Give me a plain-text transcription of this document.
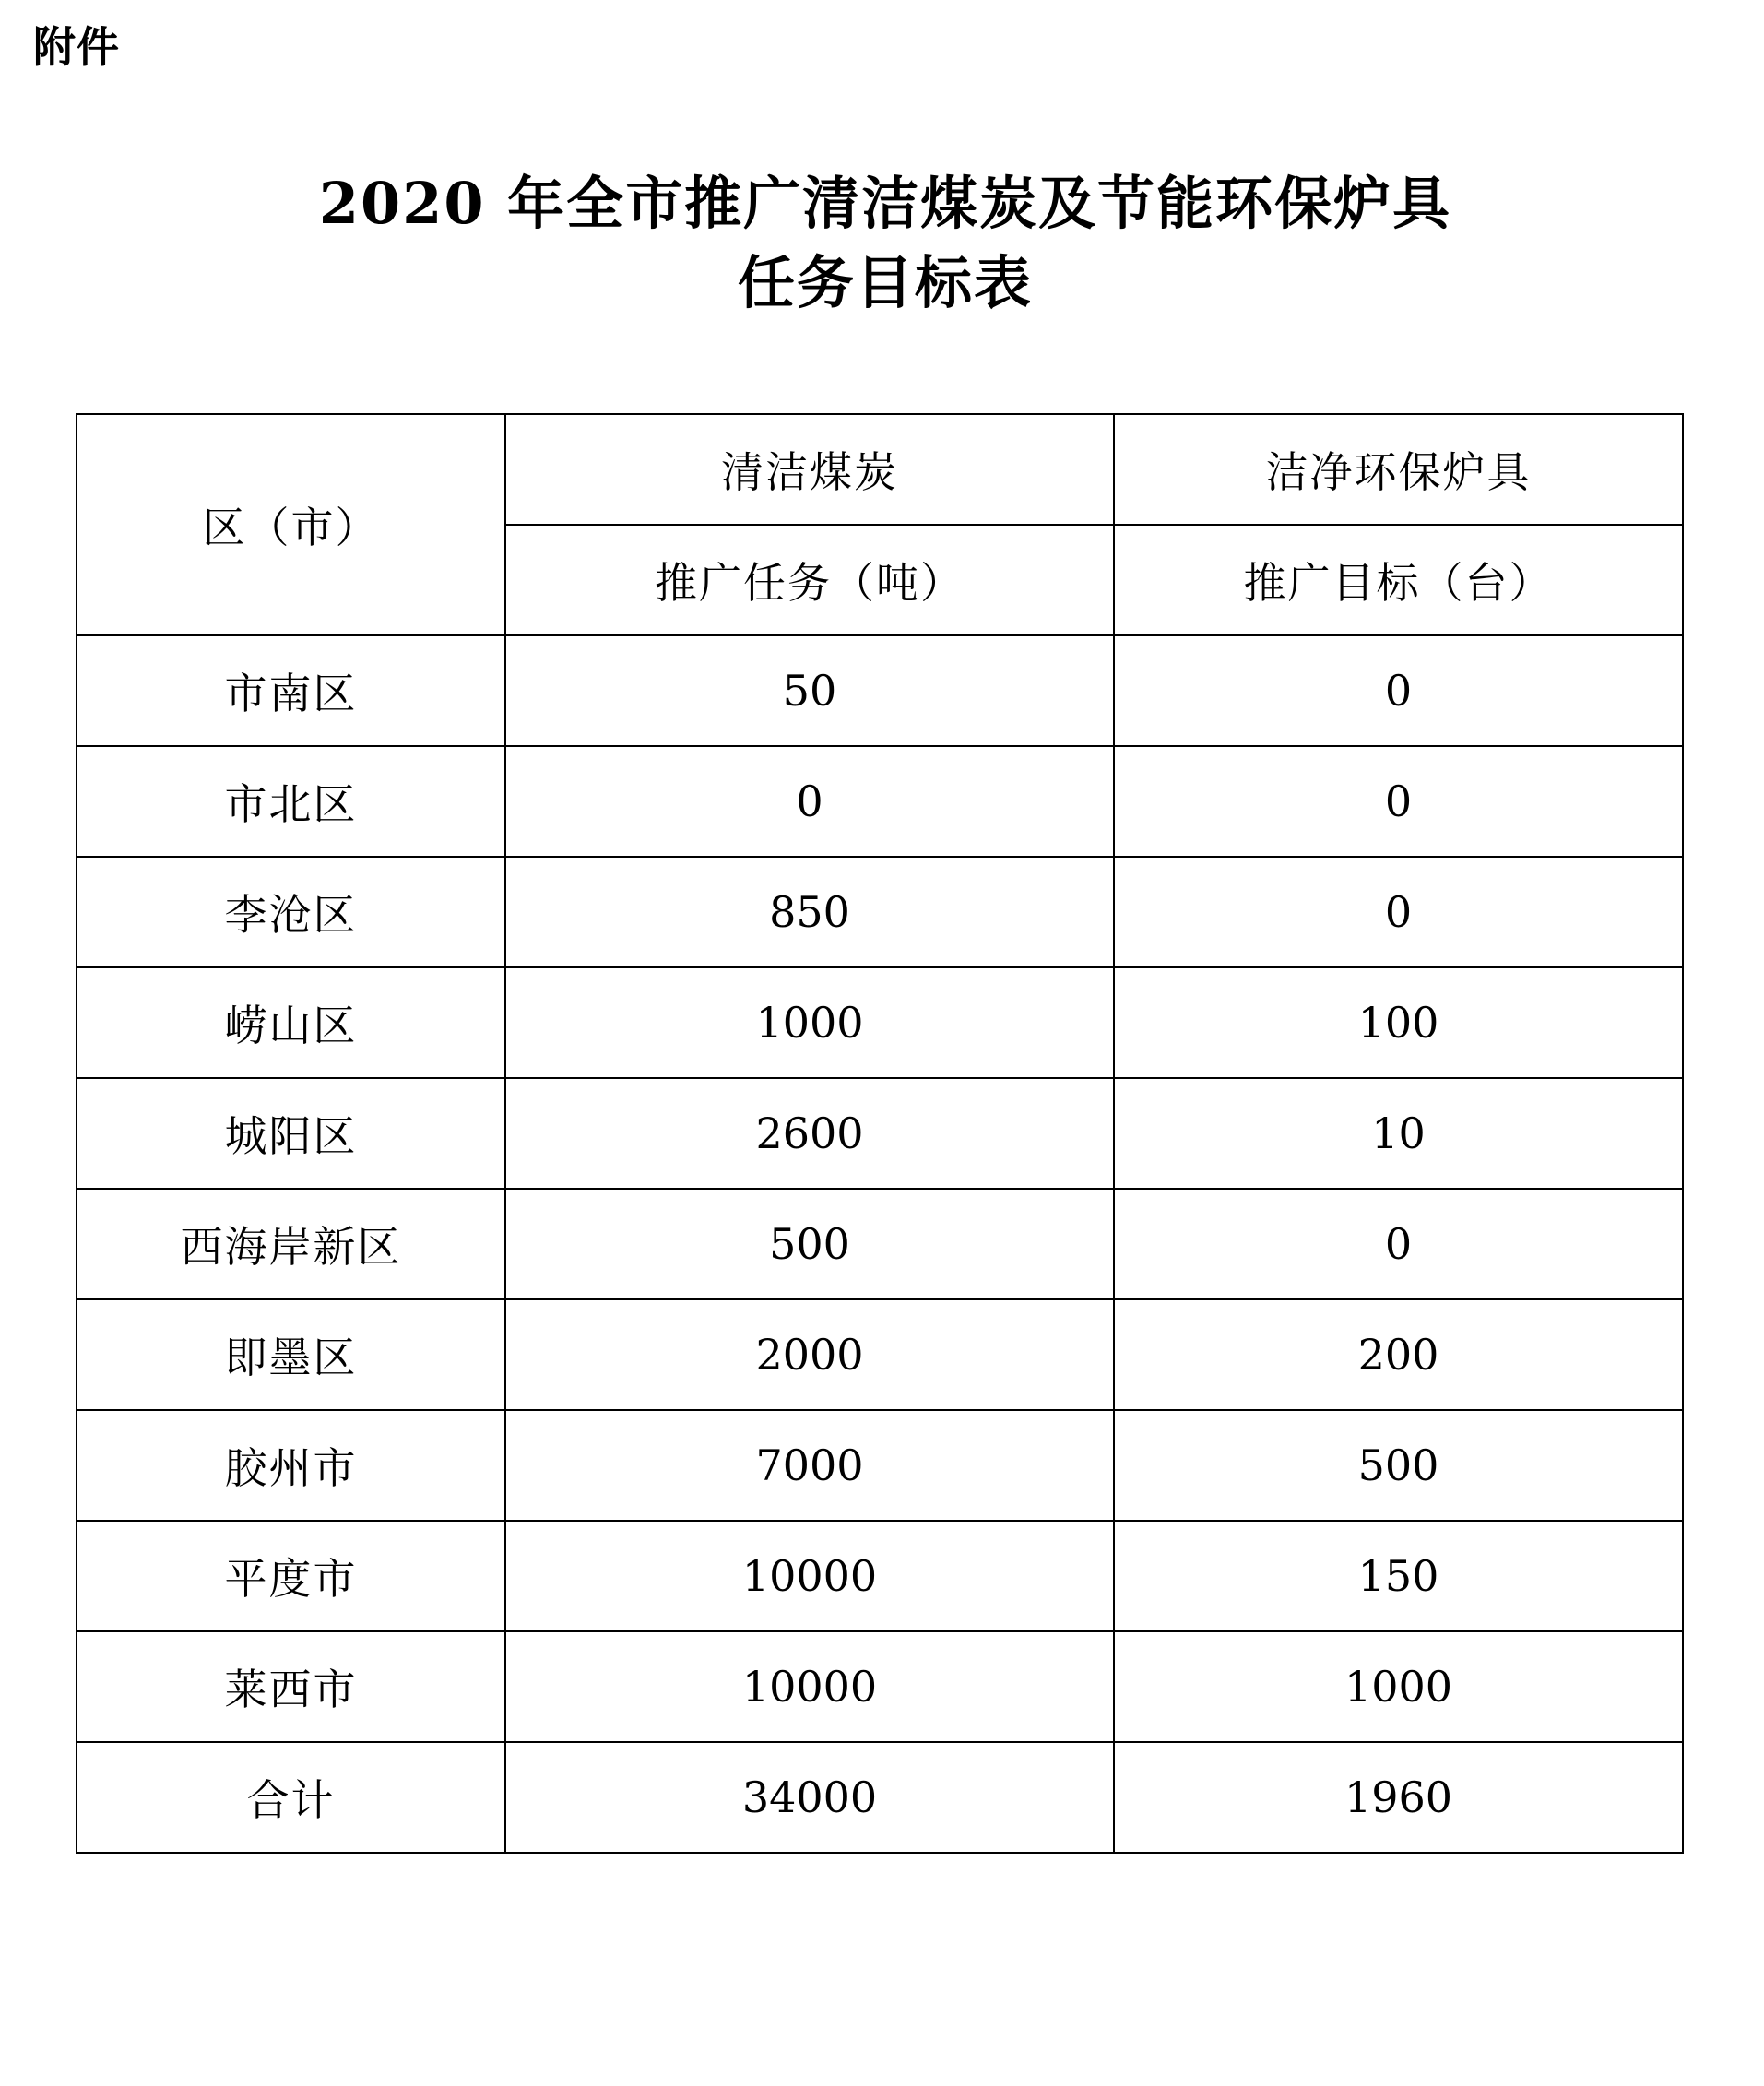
附件
2020 年全市推广清洁煤炭及节能环保炉具
任务目标表
区（市）	清洁煤炭	洁净环保炉具
	推广任务（吨）	推广目标（台）
市南区	50	0
市北区	0	0
李沧区	850	0
崂山区	1000	100
城阳区	2600	10
西海岸新区	500	0
即墨区	2000	200
胶州市	7000	500
平度市	10000	150
莱西市	10000	1000
合计	34000	1960
